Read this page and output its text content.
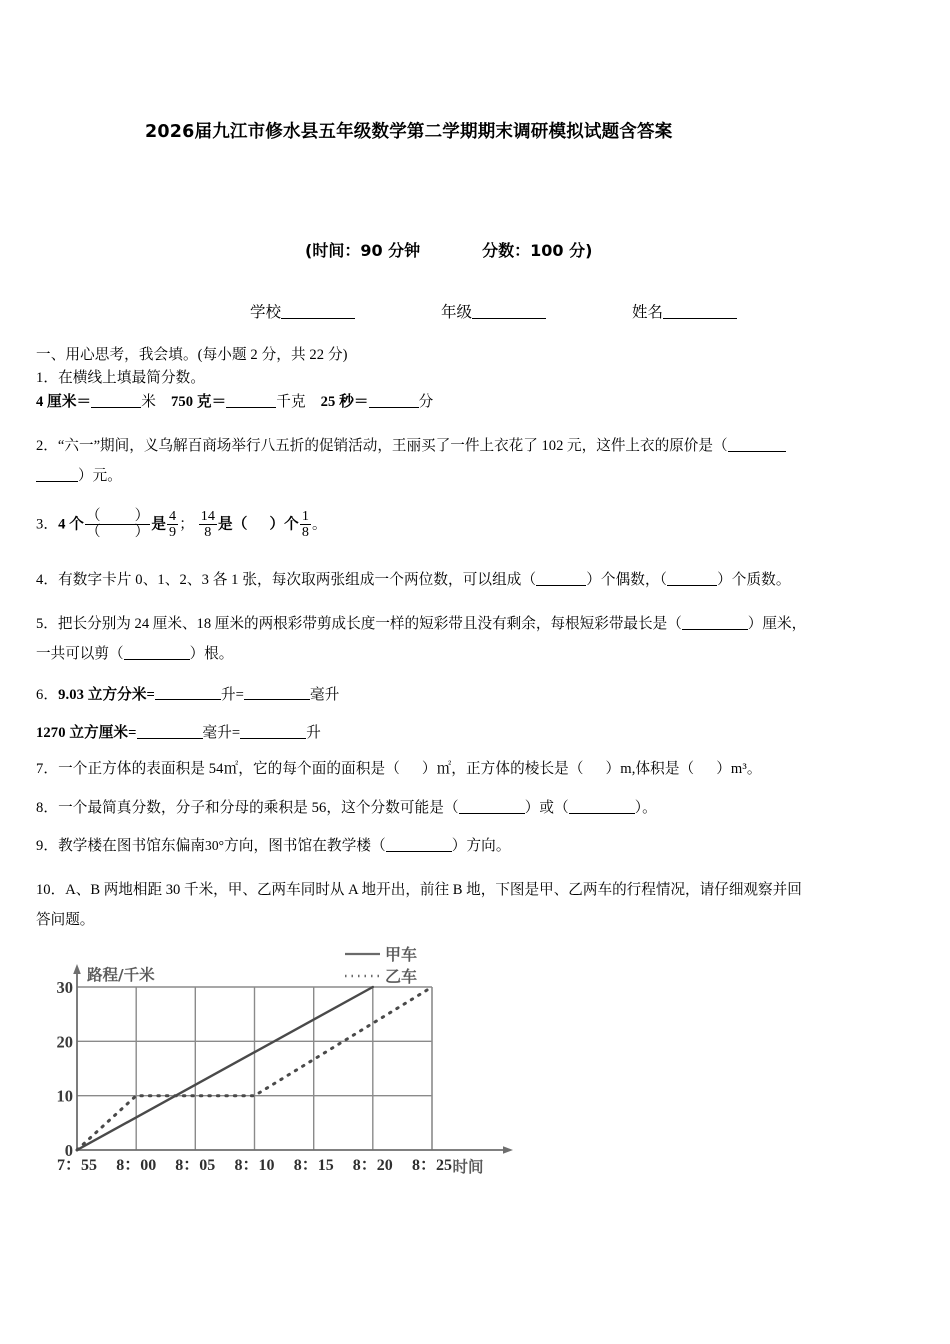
2026届九江市修水县五年级数学第二学期期末调研模拟试题含答案
(时间：90 分钟	分数：100 分)
学校	年级	姓名
一、用心思考，我会填。(每小题 2 分，共 22 分)
1．在横线上填最简分数。
4 厘米＝	米 750 克＝	千克 25 秒＝	分
2．“六一”期间，义乌解百商场举行八五折的促销活动，王丽买了一件上衣花了 102 元，这件上衣的原价是（
）元。
3．4 个 $\frac{( )}{( )}$ 是 $\frac{4}{9}$ ； $\frac{14}{8}$ 是（ ）个 $\frac{1}{8}$ 。
4．有数字卡片 0、1、2、3 各 1 张，每次取两张组成一个两位数，可以组成（	）个偶数，（	）个质数。
5．把长分别为 24 厘米、18 厘米的两根彩带剪成长度一样的短彩带且没有剩余，每根短彩带最长是（	）厘米，
一共可以剪（	）根。
6．9.03 立方分米=	升=	毫升
1270 立方厘米=	毫升=	升
7．一个正方体的表面积是 54㎡，它的每个面的面积是（ ）㎡，正方体的棱长是（ ）m,体积是（ ）m³。
8．一个最简真分数，分子和分母的乘积是 56，这个分数可能是（	）或（	）。
9．教学楼在图书馆东偏南30°方向，图书馆在教学楼（	）方向。
10．A、B 两地相距 30 千米，甲、乙两车同时从 A 地开出，前往 B 地，下图是甲、乙两车的行程情况，请仔细观察并回
答问题。
路程/千米
30
20
10
0
7：55 8：00 8：05 8：10 8：15 8：20 8：25 时间
甲车
乙车
